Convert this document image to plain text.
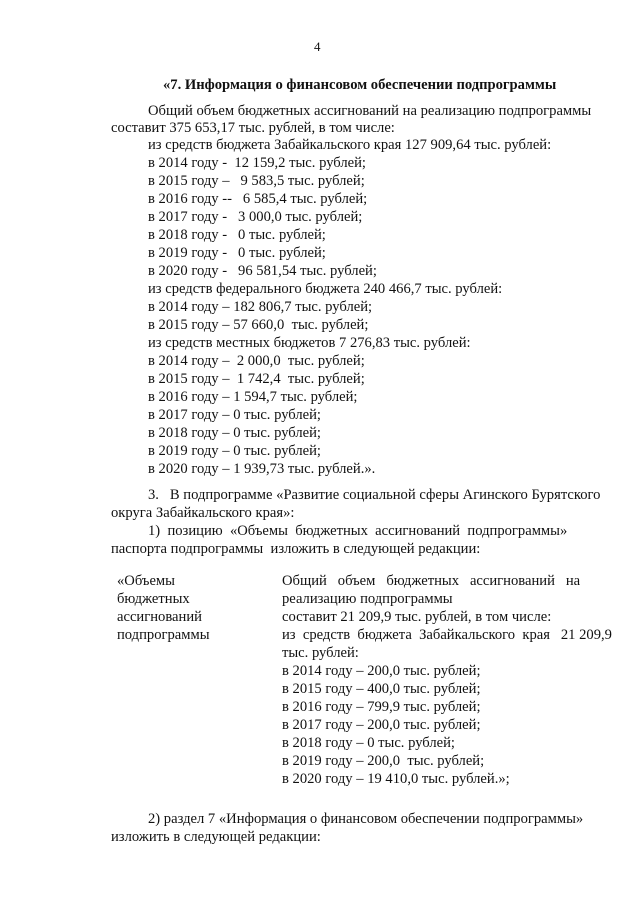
4
«7. Информация о финансовом обеспечении подпрограммы
Общий объем бюджетных ассигнований на реализацию подпрограммы
составит 375 653,17 тыс. рублей, в том числе:
из средств бюджета Забайкальского края 127 909,64 тыс. рублей:
в 2014 году -  12 159,2 тыс. рублей;
в 2015 году –   9 583,5 тыс. рублей;
в 2016 году --   6 585,4 тыс. рублей;
в 2017 году -   3 000,0 тыс. рублей;
в 2018 году -   0 тыс. рублей;
в 2019 году -   0 тыс. рублей;
в 2020 году -   96 581,54 тыс. рублей;
из средств федерального бюджета 240 466,7 тыс. рублей:
в 2014 году – 182 806,7 тыс. рублей;
в 2015 году – 57 660,0  тыс. рублей;
из средств местных бюджетов 7 276,83 тыс. рублей:
в 2014 году –  2 000,0  тыс. рублей;
в 2015 году –  1 742,4  тыс. рублей;
в 2016 году – 1 594,7 тыс. рублей;
в 2017 году – 0 тыс. рублей;
в 2018 году – 0 тыс. рублей;
в 2019 году – 0 тыс. рублей;
в 2020 году – 1 939,73 тыс. рублей.».
3.   В подпрограмме «Развитие социальной сферы Агинского Бурятского
округа Забайкальского края»:
1)  позицию  «Объемы  бюджетных  ассигнований  подпрограммы»
паспорта подпрограммы  изложить в следующей редакции:
«Объемы
бюджетных
ассигнований
подпрограммы
Общий   объем   бюджетных   ассигнований   на
реализацию подпрограммы
составит 21 209,9 тыс. рублей, в том числе:
из  средств  бюджета  Забайкальского  края   21 209,9
тыс. рублей:
в 2014 году – 200,0 тыс. рублей;
в 2015 году – 400,0 тыс. рублей;
в 2016 году – 799,9 тыс. рублей;
в 2017 году – 200,0 тыс. рублей;
в 2018 году – 0 тыс. рублей;
в 2019 году – 200,0  тыс. рублей;
в 2020 году – 19 410,0 тыс. рублей.»;
2) раздел 7 «Информация о финансовом обеспечении подпрограммы»
изложить в следующей редакции:
